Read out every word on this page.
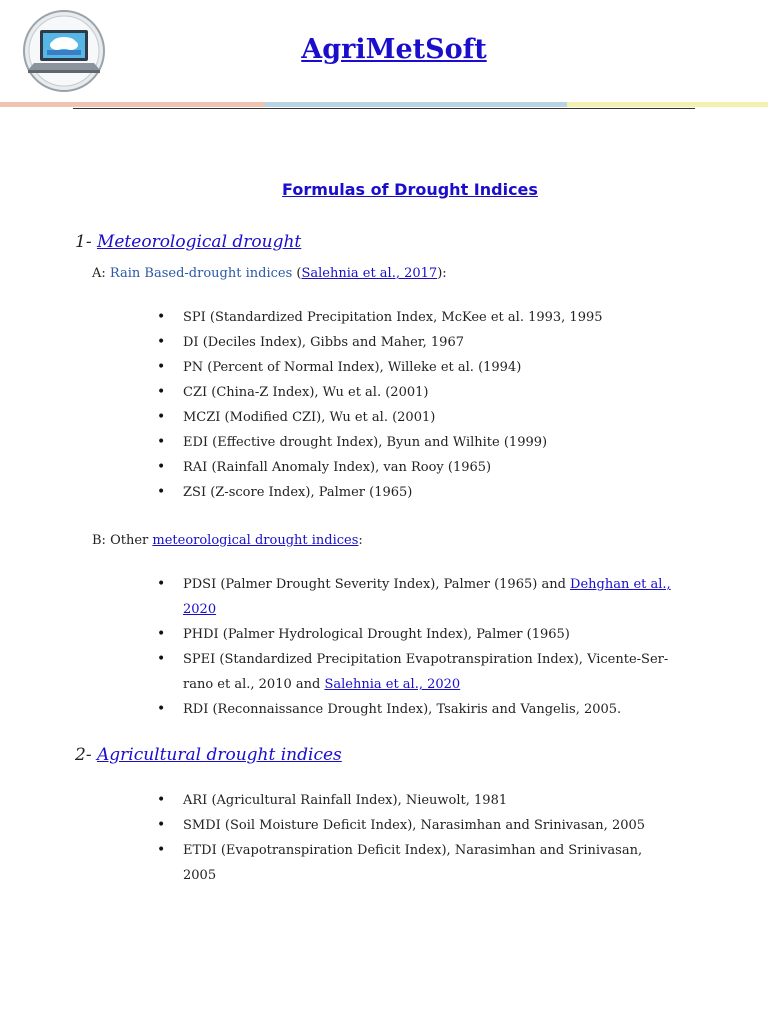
AgriMetSoft
Formulas of Drought Indices
1- Meteorological drought
A: Rain Based-drought indices (Salehnia et al., 2017):
• SPI (Standardized Precipitation Index, McKee et al. 1993, 1995
• DI (Deciles Index), Gibbs and Maher, 1967
• PN (Percent of Normal Index), Willeke et al. (1994)
• CZI (China-Z Index), Wu et al. (2001)
• MCZI (Modified CZI), Wu et al. (2001)
• EDI (Effective drought Index), Byun and Wilhite (1999)
• RAI (Rainfall Anomaly Index), van Rooy (1965)
• ZSI (Z-score Index), Palmer (1965)
B: Other meteorological drought indices:
• PDSI (Palmer Drought Severity Index), Palmer (1965) and Dehghan et al.,
2020
• PHDI (Palmer Hydrological Drought Index), Palmer (1965)
• SPEI (Standardized Precipitation Evapotranspiration Index), Vicente-Ser-
rano et al., 2010 and Salehnia et al., 2020
• RDI (Reconnaissance Drought Index), Tsakiris and Vangelis, 2005.
2- Agricultural drought indices
• ARI (Agricultural Rainfall Index), Nieuwolt, 1981
• SMDI (Soil Moisture Deficit Index), Narasimhan and Srinivasan, 2005
• ETDI (Evapotranspiration Deficit Index), Narasimhan and Srinivasan,
2005
